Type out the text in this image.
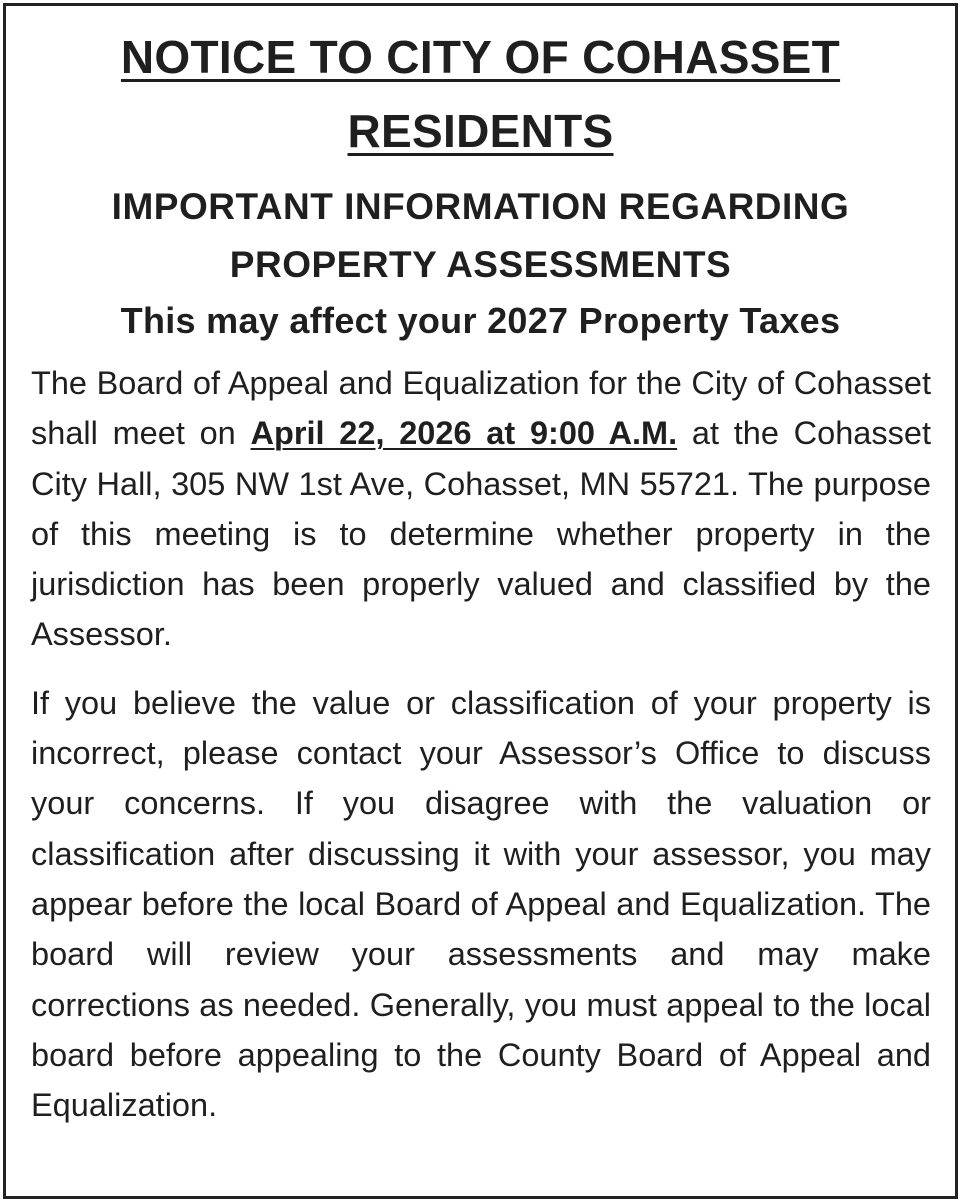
NOTICE TO CITY OF COHASSET RESIDENTS
IMPORTANT INFORMATION REGARDING PROPERTY ASSESSMENTS
This may affect your 2027 Property Taxes

The Board of Appeal and Equalization for the City of Cohasset shall meet on April 22, 2026 at 9:00 A.M. at the Cohasset City Hall, 305 NW 1st Ave, Cohasset, MN 55721. The purpose of this meeting is to determine whether property in the jurisdiction has been properly valued and classified by the Assessor.

If you believe the value or classification of your property is incorrect, please contact your Assessor’s Office to discuss your concerns. If you disagree with the valuation or classification after discussing it with your assessor, you may appear before the local Board of Appeal and Equalization. The board will review your assessments and may make corrections as needed. Generally, you must appeal to the local board before appealing to the County Board of Appeal and Equalization.
